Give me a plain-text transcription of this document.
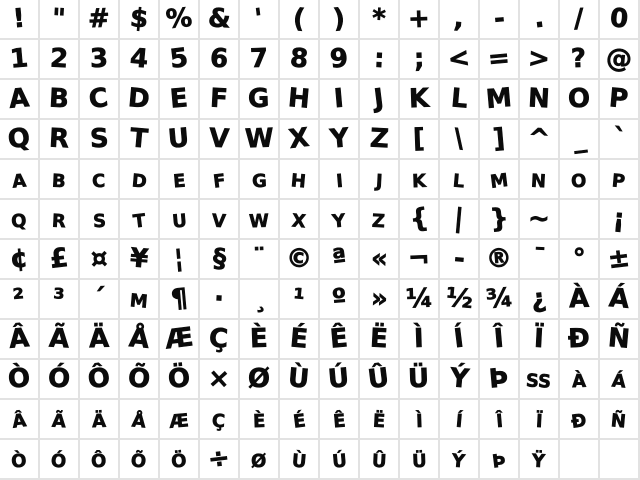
! " # $ % & ' ( ) * + , - . / 0
1 2 3 4 5 6 7 8 9 : ; < = > ? @
A B C D E F G H I J K L M N O P
Q R S T U V W X Y Z [ \ ] ^ _ `
a b c d e f g h i j k l m n o p
q r s t u v w x y z { | } ~ ¡
¢ £ ¤ ¥ ¦ § ¨ © ª « ¬ - ® ¯ ° ±
² ³ ´ µ ¶ · ¸ ¹ º » ¼ ½ ¾ ¿ À Á
Â Ã Ä Å Æ Ç È É Ê Ë Ì Í Î Ï Ð Ñ
Ò Ó Ô Õ Ö × Ø Ù Ú Û Ü Ý Þ ß à á
â ã ä å æ ç è é ê ë ì í î ï ð ñ
ò ó ô õ ö ÷ ø ù ú û ü ý þ ÿ
